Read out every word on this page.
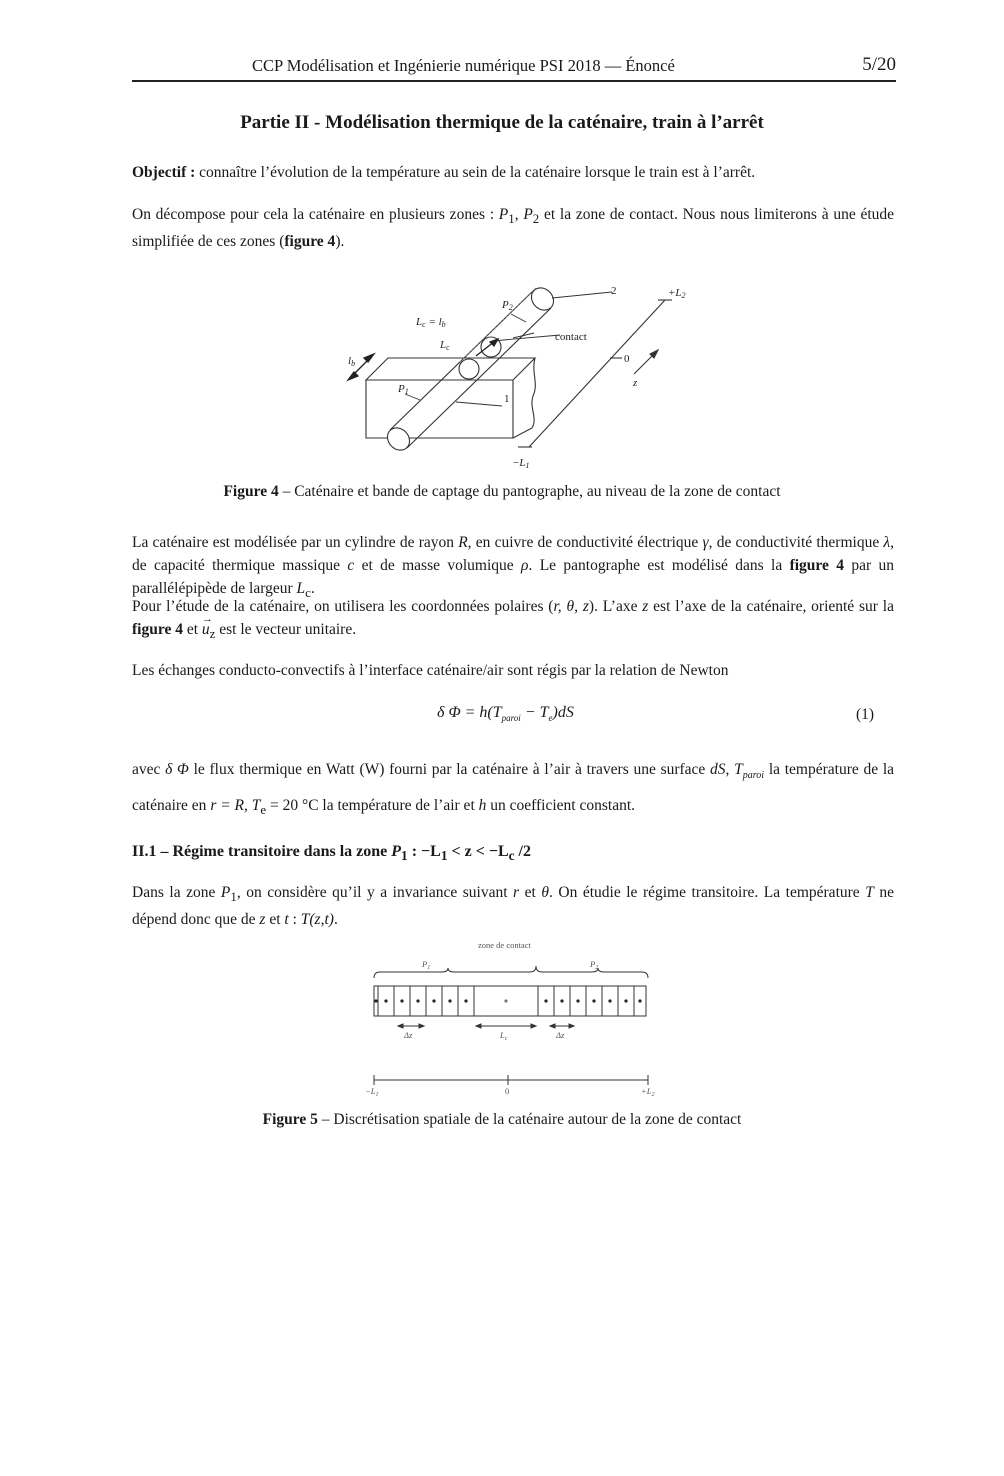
CCP Modélisation et Ingénierie numérique PSI 2018 — Énoncé	5/20
Partie II - Modélisation thermique de la caténaire, train à l’arrêt

Objectif : connaître l’évolution de la température au sein de la caténaire lorsque le train est à l’arrêt.

On décompose pour cela la caténaire en plusieurs zones : $P_1$, $P_2$ et la zone de contact. Nous nous limiterons à une étude simplifiée de ces zones (figure 4).

Lc = lb
P2
Lc
contact
lb
P1
1
2	+L2
0
z
−L1
Figure 4 – Caténaire et bande de captage du pantographe, au niveau de la zone de contact

La caténaire est modélisée par un cylindre de rayon R, en cuivre de conductivité électrique γ, de conductivité thermique λ, de capacité thermique massique c et de masse volumique ρ. Le pantographe est modélisé dans la figure 4 par un parallélépipède de largeur $L_c$.

Pour l’étude de la caténaire, on utilisera les coordonnées polaires (r, θ, z). L’axe z est l’axe de la caténaire, orienté sur la figure 4 et
→
$u_z$ est le vecteur unitaire.

Les échanges conducto-convectifs à l’interface caténaire/air sont régis par la relation de Newton

δ $\Phi = h(T_{paroi} - T_e)dS$	(1)

avec δ Φ le flux thermique en Watt (W) fourni par la caténaire à l’air à travers une surface dS, $T_{paroi}$ la température de la caténaire en r = R, $T_e = 20$ °C la température de l’air et h un coefficient constant.

II.1 – Régime transitoire dans la zone $P_1$ : $-L_1 < z < -L_c$ /2

Dans la zone $P_1$, on considère qu’il y a invariance suivant r et θ. On étudie le régime transitoire. La température T ne dépend donc que de z et t : T(z,t).

zone de contact
$P_1$	$P_2$
Δz	$L_c$	Δz
$-L_1$	0	$+L_2$
Figure 5 – Discrétisation spatiale de la caténaire autour de la zone de contact
